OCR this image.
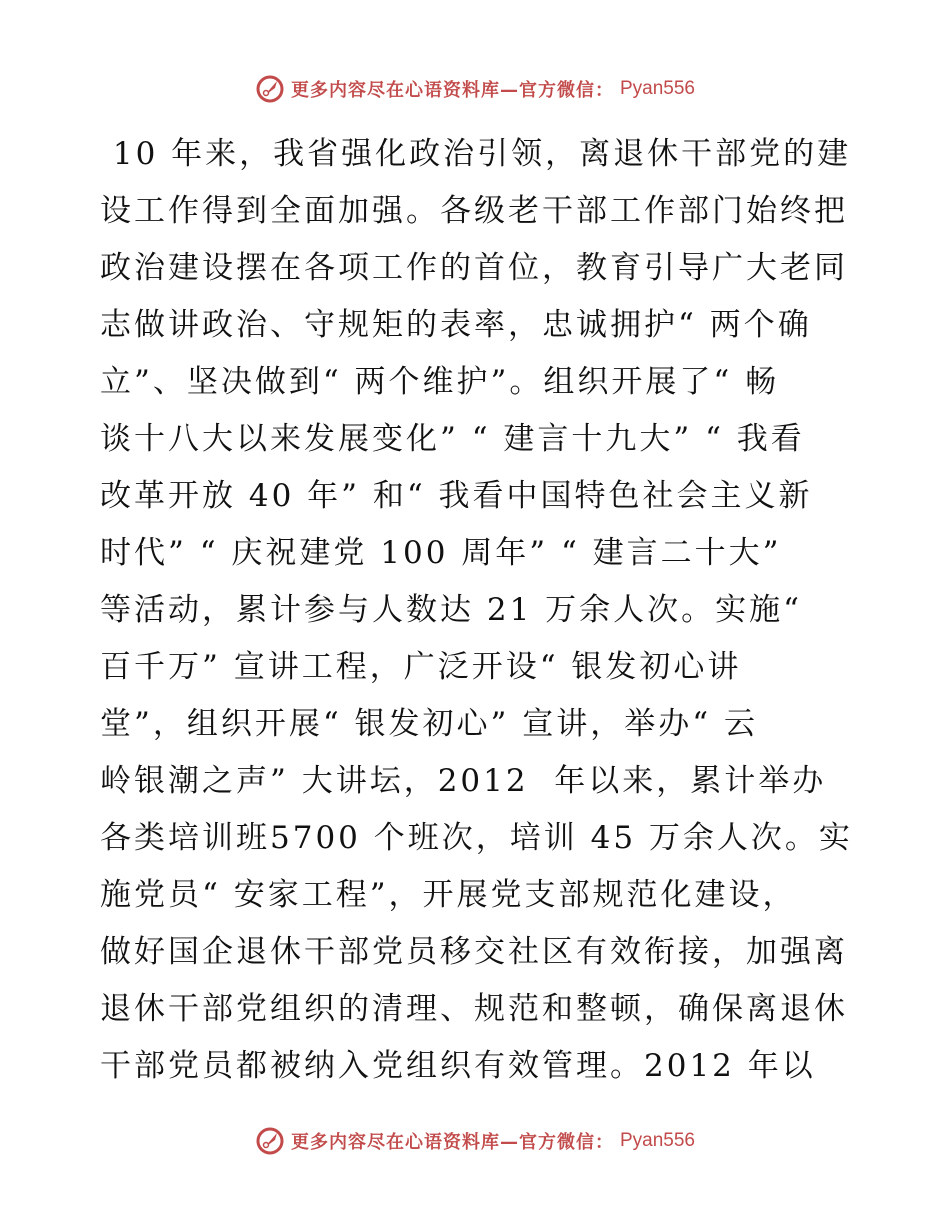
更多内容尽在心语资料库—官方微信： Pyan556
10 年来，我省强化政治引领，离退休干部党的建
设工作得到全面加强。各级老干部工作部门始终把
政治建设摆在各项工作的首位，教育引导广大老同
志做讲政治、守规矩的表率，忠诚拥护“ 两个确
立”、坚决做到“ 两个维护”。组织开展了“ 畅
谈十八大以来发展变化” “ 建言十九大” “ 我看
改革开放 40 年” 和“ 我看中国特色社会主义新
时代” “ 庆祝建党 100 周年” “ 建言二十大”
等活动，累计参与人数达 21 万余人次。实施“
百千万” 宣讲工程，广泛开设“ 银发初心讲
堂”，组织开展“ 银发初心” 宣讲，举办“ 云
岭银潮之声” 大讲坛，2012  年以来，累计举办
各类培训班5700 个班次，培训 45 万余人次。实
施党员“ 安家工程”，开展党支部规范化建设，
做好国企退休干部党员移交社区有效衔接，加强离
退休干部党组织的清理、规范和整顿，确保离退休
干部党员都被纳入党组织有效管理。2012 年以
更多内容尽在心语资料库—官方微信： Pyan556
